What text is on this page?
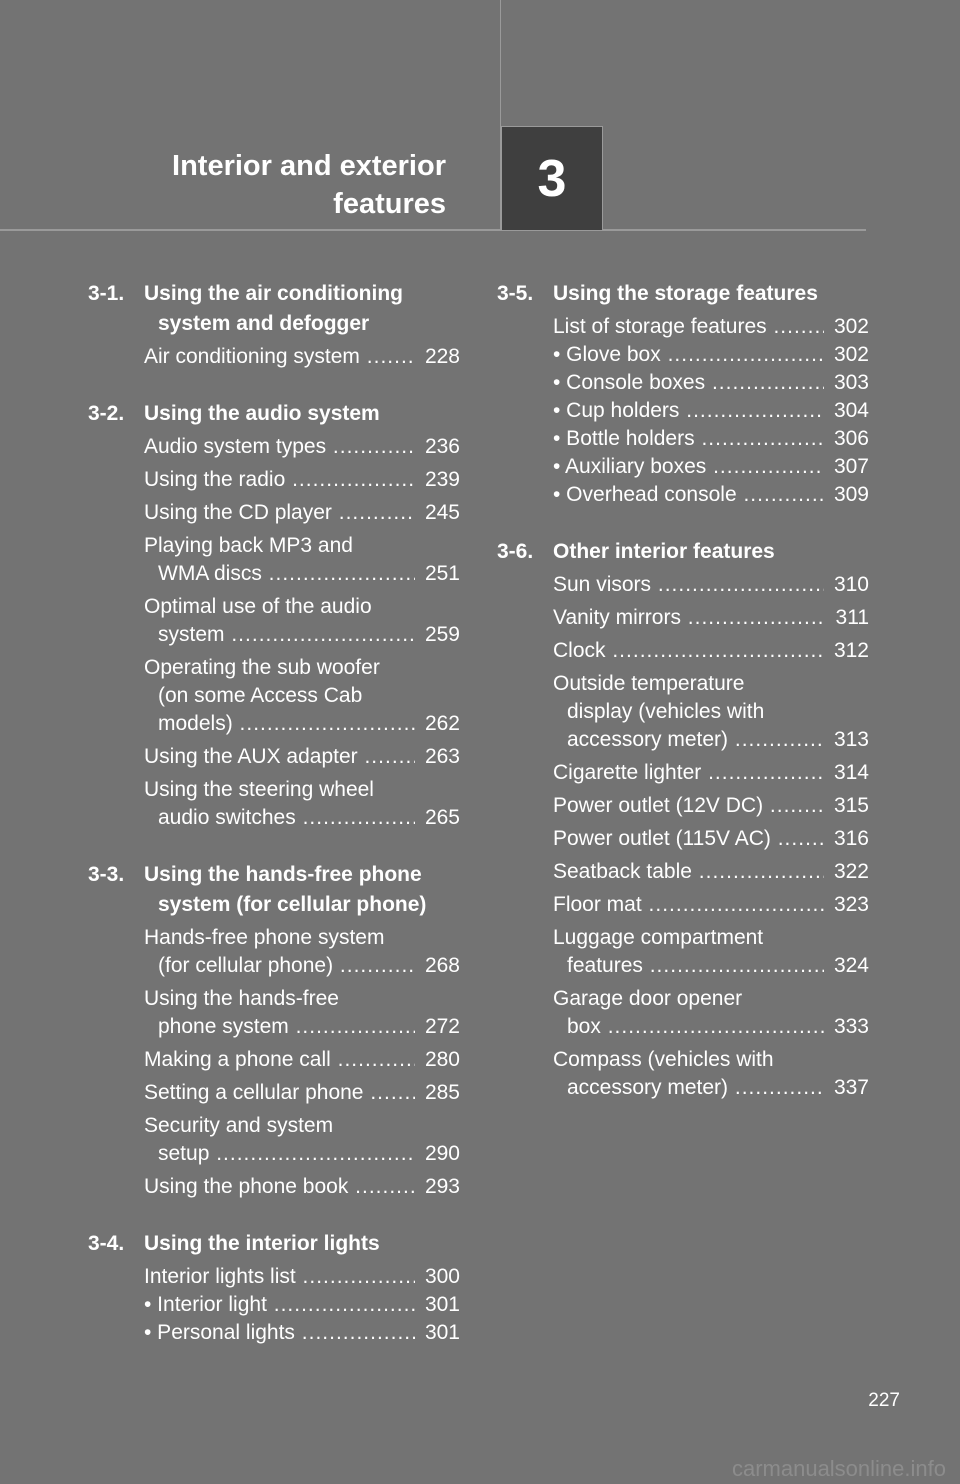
Interior and exterior
features 3
3-1. Using the air conditioning
system and defogger
Air conditioning system .....	228
3-2. Using the audio system
Audio system types .....	236
Using the radio .....	239
Using the CD player .....	245
Playing back MP3 and
WMA discs .....	251
Optimal use of the audio
system .....	259
Operating the sub woofer
(on some Access Cab
models) .....	262
Using the AUX adapter .....	263
Using the steering wheel
audio switches .....	265
3-3. Using the hands-free phone
system (for cellular phone)
Hands-free phone system
(for cellular phone) .....	268
Using the hands-free
phone system .....	272
Making a phone call .....	280
Setting a cellular phone .....	285
Security and system
setup .....	290
Using the phone book .....	293
3-4. Using the interior lights
Interior lights list .....	300
• Interior light .....	301
• Personal lights .....	301
3-5. Using the storage features
List of storage features .....	302
• Glove box .....	302
• Console boxes .....	303
• Cup holders .....	304
• Bottle holders .....	306
• Auxiliary boxes .....	307
• Overhead console .....	309
3-6. Other interior features
Sun visors .....	310
Vanity mirrors .....	311
Clock .....	312
Outside temperature
display (vehicles with
accessory meter) .....	313
Cigarette lighter .....	314
Power outlet (12V DC) .....	315
Power outlet (115V AC) .....	316
Seatback table .....	322
Floor mat .....	323
Luggage compartment
features .....	324
Garage door opener
box .....	333
Compass (vehicles with
accessory meter) .....	337
227
carmanualsonline.info
